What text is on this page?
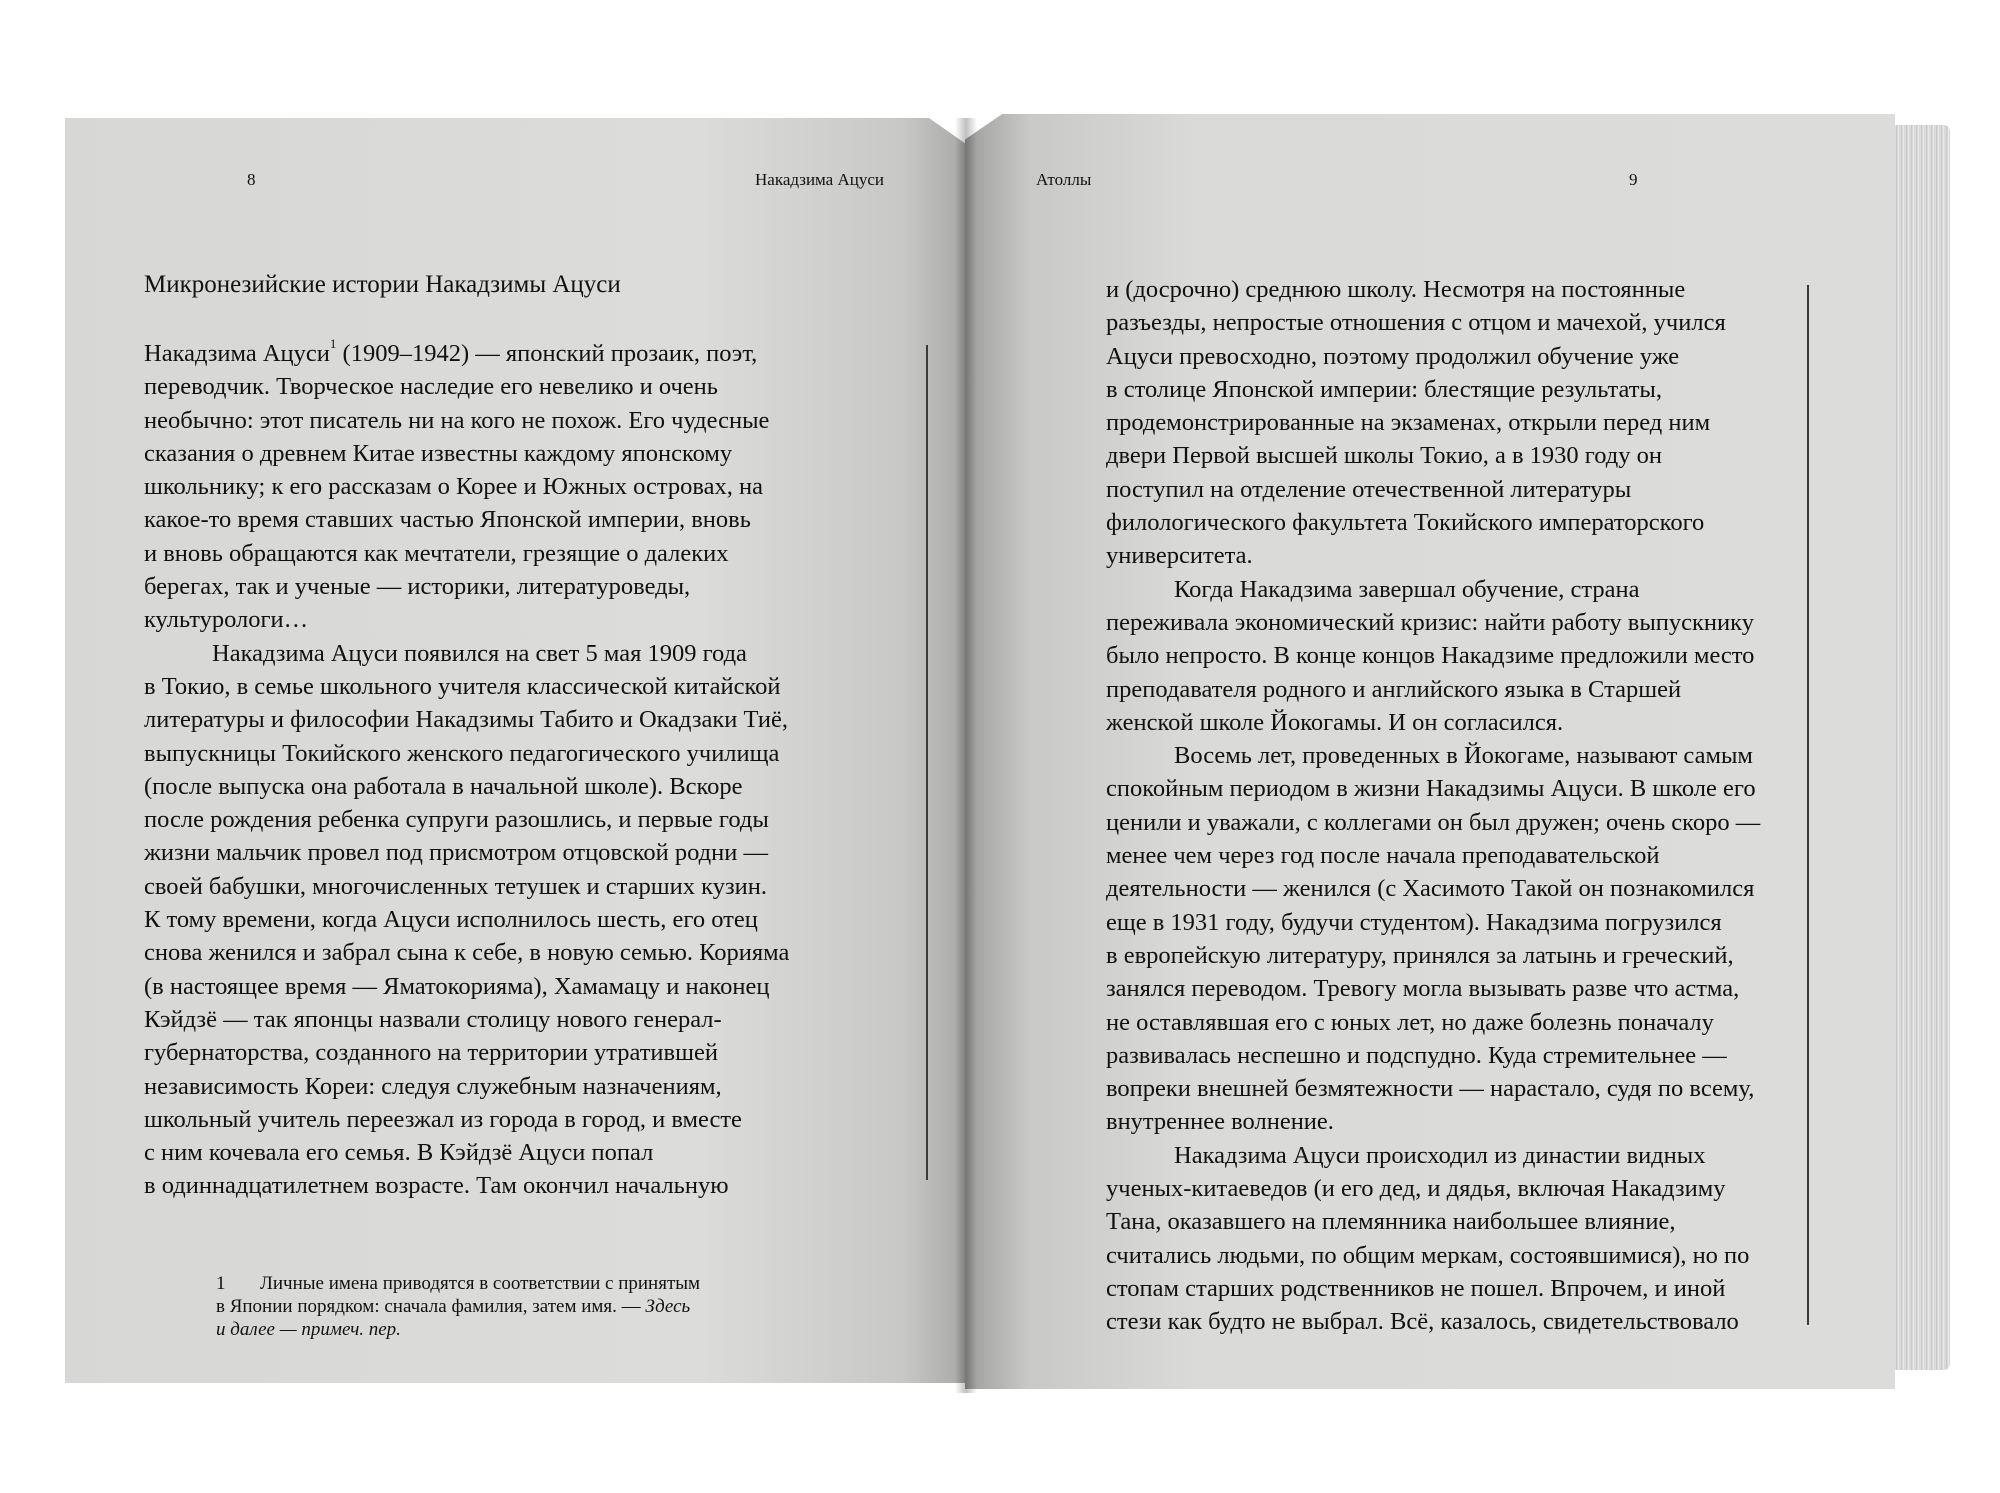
8	Накадзима Ацуси
Микронезийские истории Накадзимы Ацуси
Накадзима Ацуси$^1$ (1909–1942) — японский прозаик, поэт,
переводчик. Творческое наследие его невелико и очень
необычно: этот писатель ни на кого не похож. Его чудесные
сказания о древнем Китае известны каждому японскому
школьнику; к его рассказам о Корее и Южных островах, на
какое-то время ставших частью Японской империи, вновь
и вновь обращаются как мечтатели, грезящие о далеких
берегах, так и ученые — историки, литературоведы,
культурологи…
Накадзима Ацуси появился на свет 5 мая 1909 года
в Токио, в семье школьного учителя классической китайской
литературы и философии Накадзимы Табито и Окадзаки Тиё,
выпускницы Токийского женского педагогического училища
(после выпуска она работала в начальной школе). Вскоре
после рождения ребенка супруги разошлись, и первые годы
жизни мальчик провел под присмотром отцовской родни —
своей бабушки, многочисленных тетушек и старших кузин.
К тому времени, когда Ацуси исполнилось шесть, его отец
снова женился и забрал сына к себе, в новую семью. Корияма
(в настоящее время — Яматокорияма), Хамамацу и наконец
Кэйдзё — так японцы назвали столицу нового генерал-
губернаторства, созданного на территории утратившей
независимость Кореи: следуя служебным назначениям,
школьный учитель переезжал из города в город, и вместе
с ним кочевала его семья. В Кэйдзё Ацуси попал
в одиннадцатилетнем возрасте. Там окончил начальную
1 Личные имена приводятся в соответствии с принятым
в Японии порядком: сначала фамилия, затем имя. — Здесь
и далее — примеч. пер.
Атоллы	9
и (досрочно) среднюю школу. Несмотря на постоянные
разъезды, непростые отношения с отцом и мачехой, учился
Ацуси превосходно, поэтому продолжил обучение уже
в столице Японской империи: блестящие результаты,
продемонстрированные на экзаменах, открыли перед ним
двери Первой высшей школы Токио, а в 1930 году он
поступил на отделение отечественной литературы
филологического факультета Токийского императорского
университета.
Когда Накадзима завершал обучение, страна
переживала экономический кризис: найти работу выпускнику
было непросто. В конце концов Накадзиме предложили место
преподавателя родного и английского языка в Старшей
женской школе Йокогамы. И он согласился.
Восемь лет, проведенных в Йокогаме, называют самым
спокойным периодом в жизни Накадзимы Ацуси. В школе его
ценили и уважали, с коллегами он был дружен; очень скоро —
менее чем через год после начала преподавательской
деятельности — женился (с Хасимото Такой он познакомился
еще в 1931 году, будучи студентом). Накадзима погрузился
в европейскую литературу, принялся за латынь и греческий,
занялся переводом. Тревогу могла вызывать разве что астма,
не оставлявшая его с юных лет, но даже болезнь поначалу
развивалась неспешно и подспудно. Куда стремительнее —
вопреки внешней безмятежности — нарастало, судя по всему,
внутреннее волнение.
Накадзима Ацуси происходил из династии видных
ученых-китаеведов (и его дед, и дядья, включая Накадзиму
Тана, оказавшего на племянника наибольшее влияние,
считались людьми, по общим меркам, состоявшимися), но по
стопам старших родственников не пошел. Впрочем, и иной
стези как будто не выбрал. Всё, казалось, свидетельствовало
